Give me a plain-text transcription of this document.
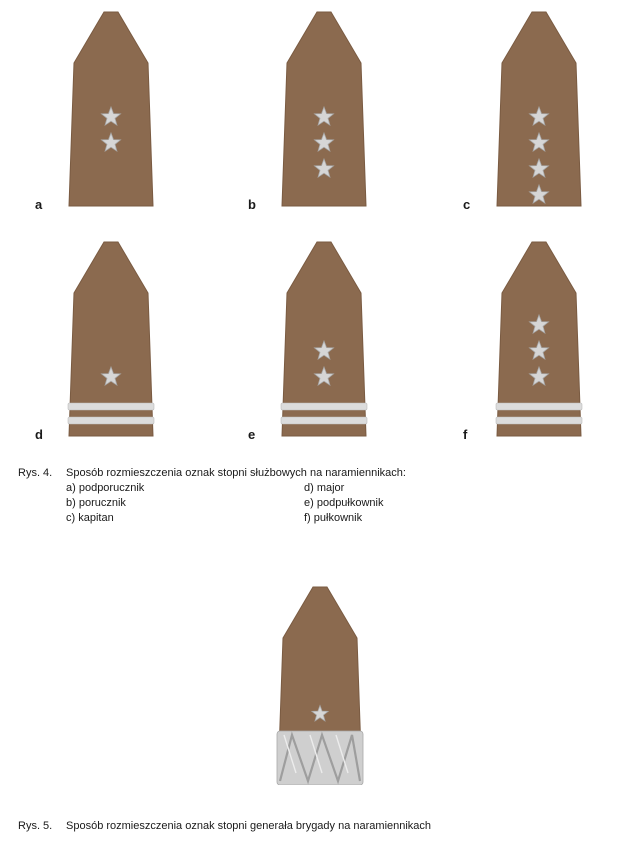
a	b	c
d	e	f
Rys. 4. Sposób rozmieszczenia oznak stopni służbowych na naramiennikach:
a) podporucznik
b) porucznik
c) kapitan
d) major
e) podpułkownik
f) pułkownik
Rys. 5. Sposób rozmieszczenia oznak stopni generała brygady na naramiennikach
